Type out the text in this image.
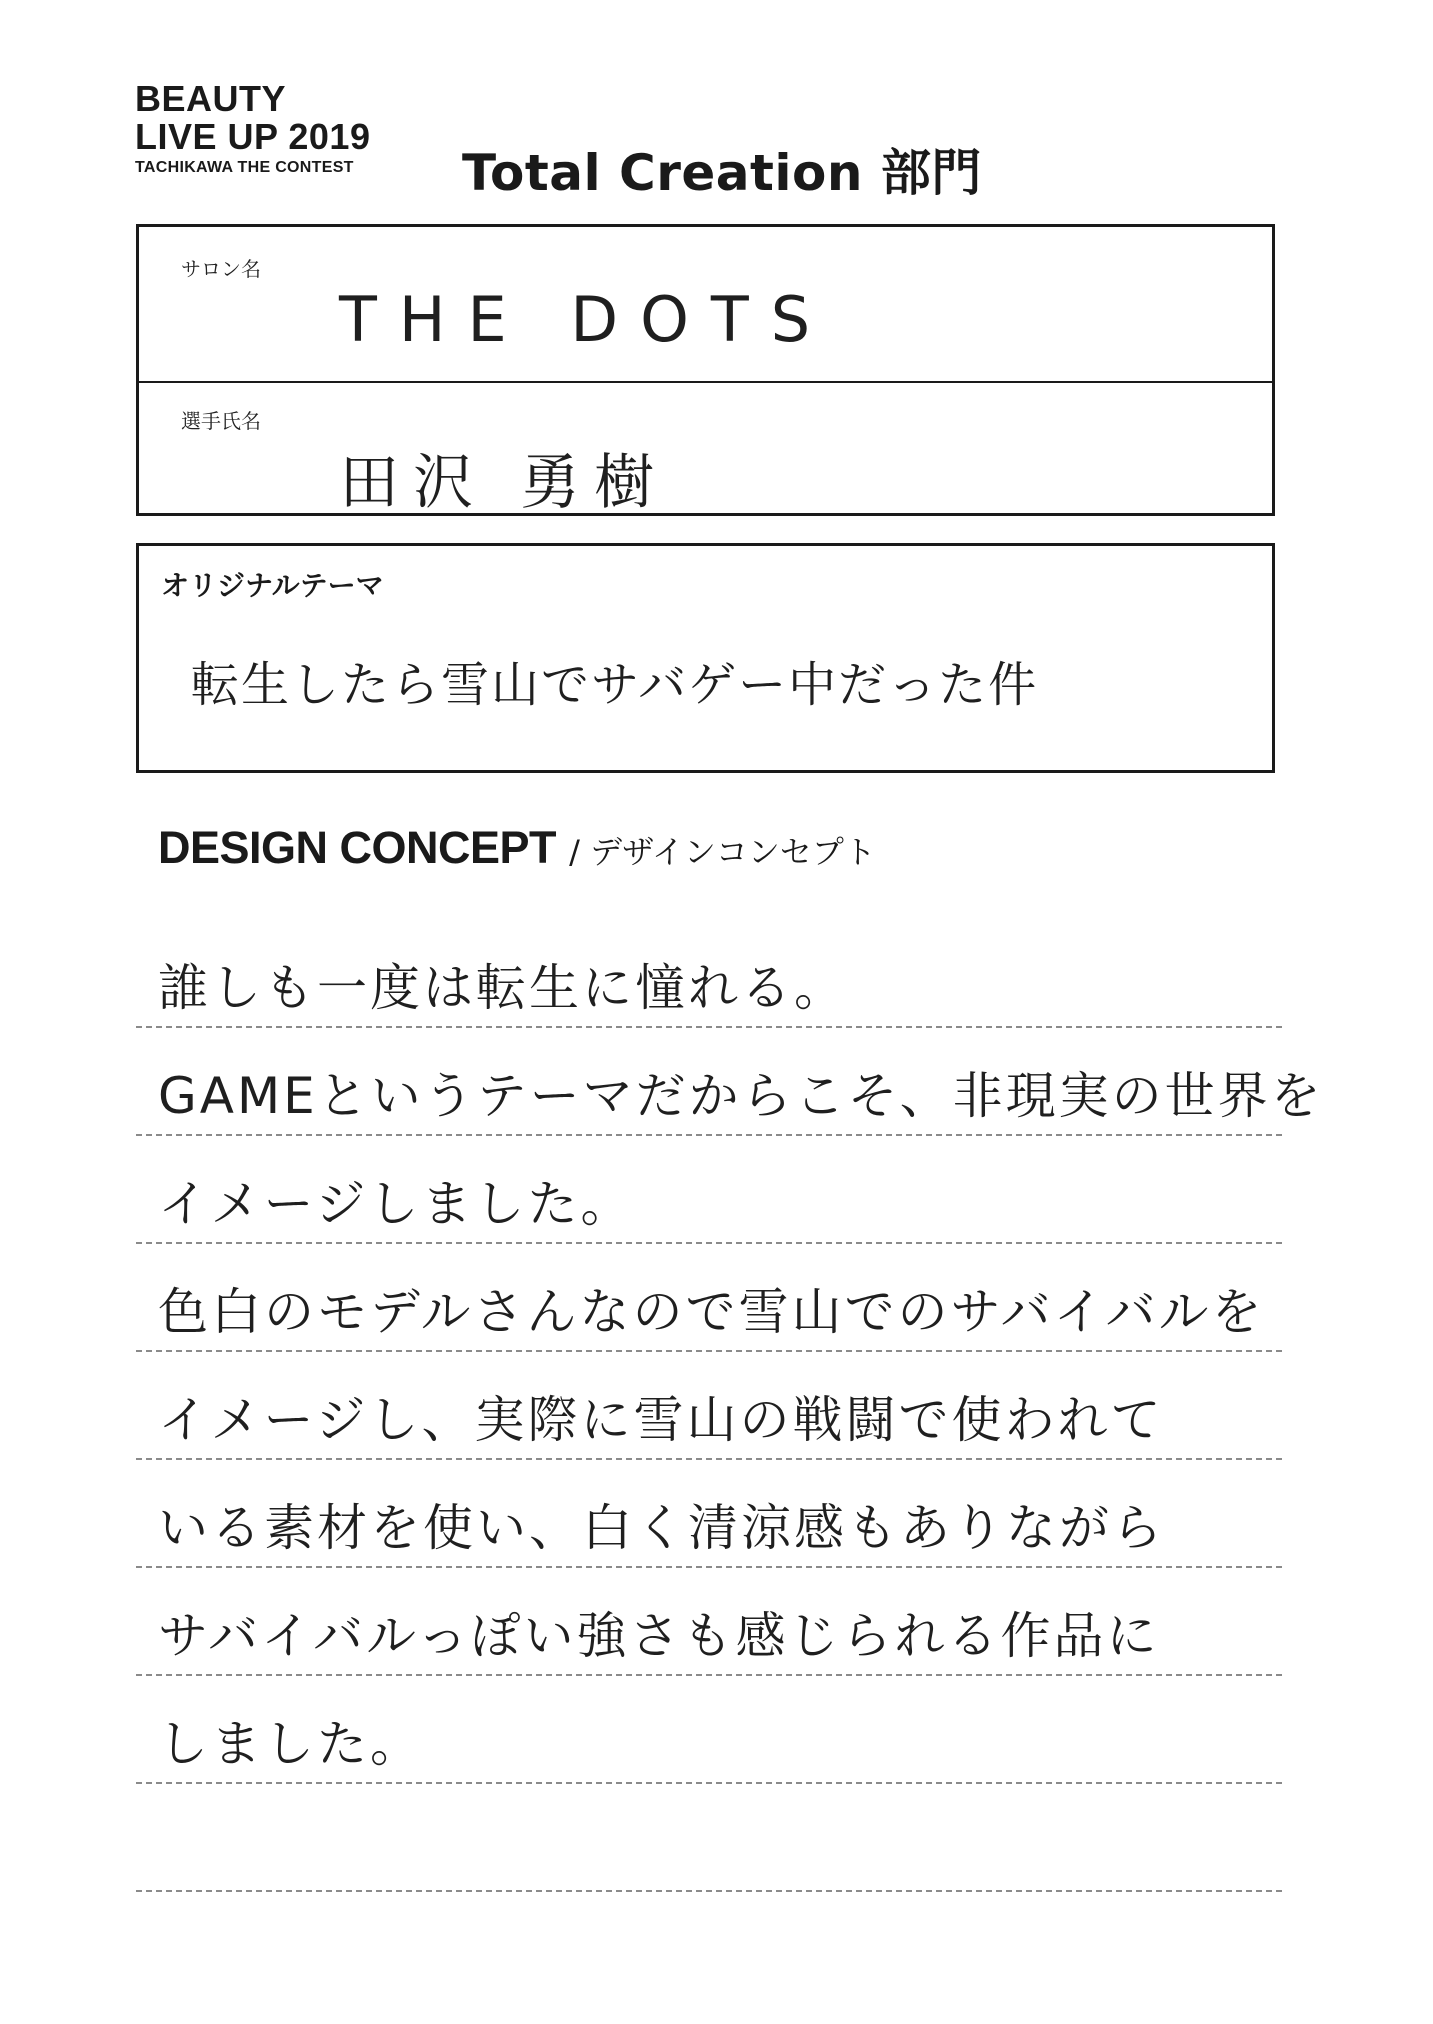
BEAUTY
LIVE UP 2019
TACHIKAWA THE CONTEST	Total Creation 部門
サロン名
THE DOTS
選手氏名
田沢 勇樹
オリジナルテーマ
転生したら雪山でサバゲー中だった件
DESIGN CONCEPT / デザインコンセプト
誰しも一度は転生に憧れる。
GAMEというテーマだからこそ、非現実の世界を
イメージしました。
色白のモデルさんなので雪山でのサバイバルを
イメージし、実際に雪山の戦闘で使われて
いる素材を使い、白く清涼感もありながら
サバイバルっぽい強さも感じられる作品に
しました。
